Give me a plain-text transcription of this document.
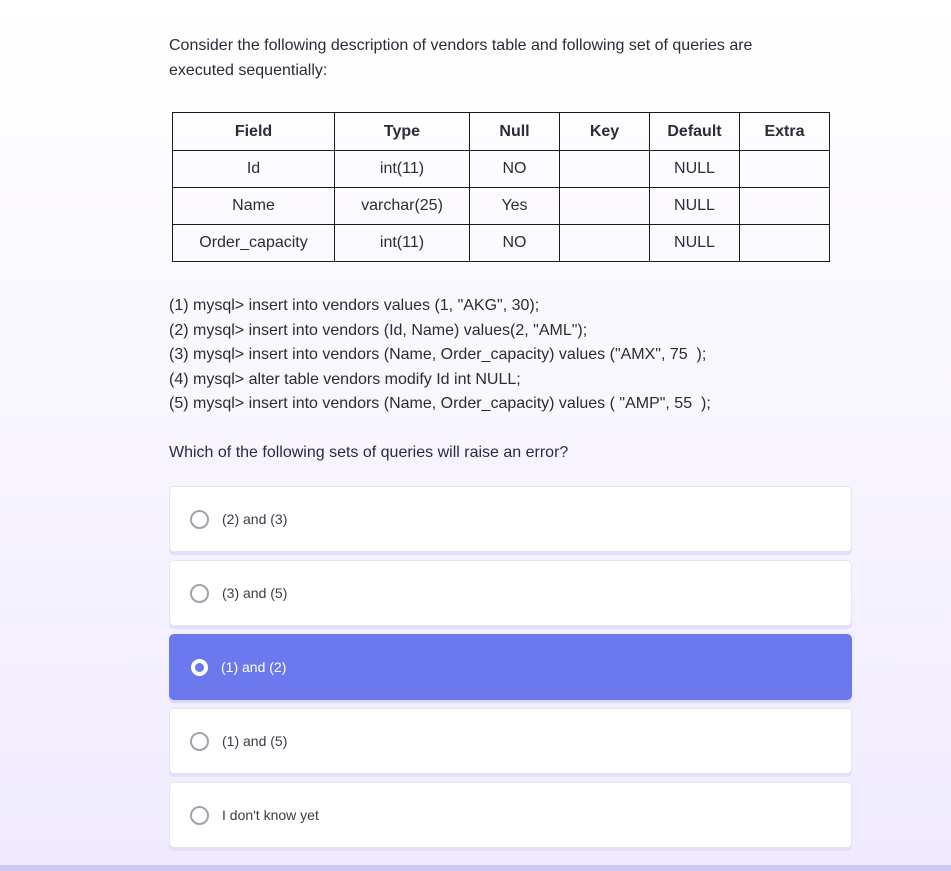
Consider the following description of vendors table and following set of queries are
executed sequentially:
Field	Type	Null	Key	Default	Extra
Id	int(11)	NO		NULL	
Name	varchar(25)	Yes		NULL	
Order_capacity	int(11)	NO		NULL	
(1) mysql> insert into vendors values (1, "AKG", 30);
(2) mysql> insert into vendors (Id, Name) values(2, "AML");
(3) mysql> insert into vendors (Name, Order_capacity) values ("AMX", 75  );
(4) mysql> alter table vendors modify Id int NULL;
(5) mysql> insert into vendors (Name, Order_capacity) values ( "AMP", 55  );
Which of the following sets of queries will raise an error?
(2) and (3)
(3) and (5)
(1) and (2)
(1) and (5)
I don't know yet
